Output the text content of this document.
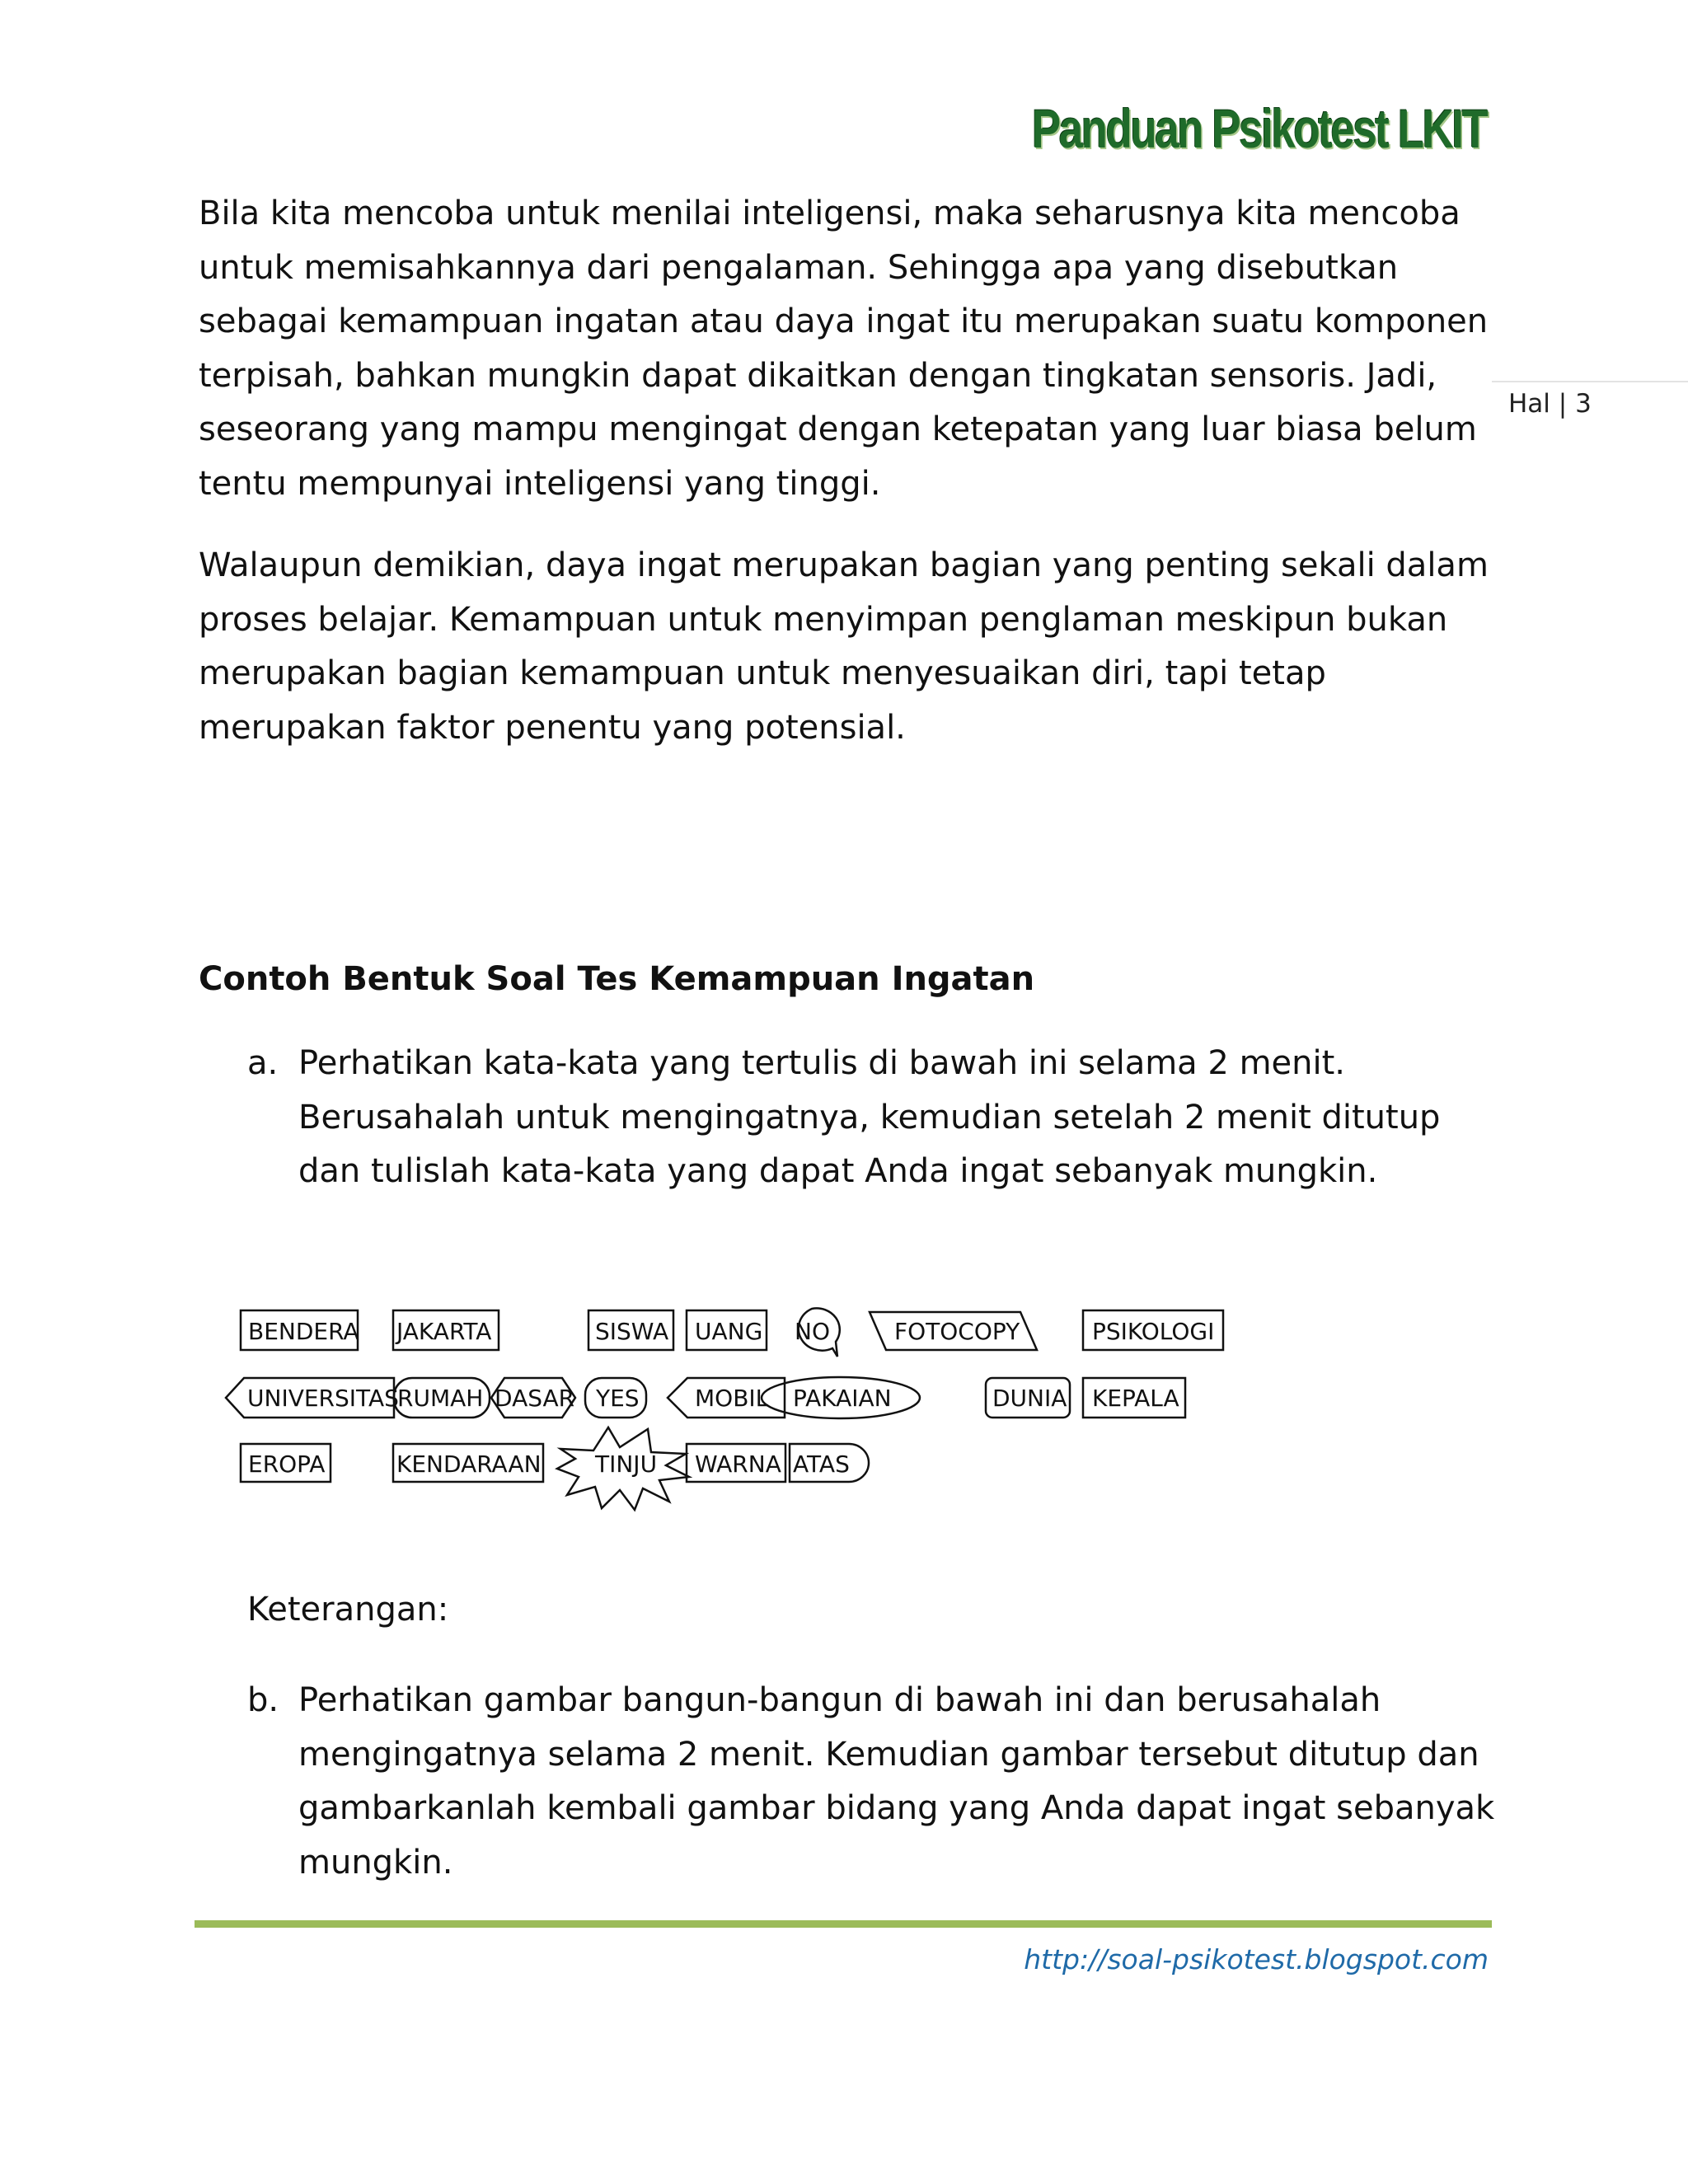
Panduan Psikotest LKIT
Hal | 3

Bila kita mencoba untuk menilai inteligensi, maka seharusnya kita mencoba untuk memisahkannya dari pengalaman. Sehingga apa yang disebutkan sebagai kemampuan ingatan atau daya ingat itu merupakan suatu komponen terpisah, bahkan mungkin dapat dikaitkan dengan tingkatan sensoris. Jadi, seseorang yang mampu mengingat dengan ketepatan yang luar biasa belum tentu mempunyai inteligensi yang tinggi.

Walaupun demikian, daya ingat merupakan bagian yang penting sekali dalam proses belajar. Kemampuan untuk menyimpan penglaman meskipun bukan merupakan bagian kemampuan untuk menyesuaikan diri, tapi tetap merupakan faktor penentu yang potensial.

Contoh Bentuk Soal Tes Kemampuan Ingatan
a. Perhatikan kata-kata yang tertulis di bawah ini selama 2 menit. Berusahalah untuk mengingatnya, kemudian setelah 2 menit ditutup dan tulislah kata-kata yang dapat Anda ingat sebanyak mungkin.
BENDERA JAKARTA	SISWA UANG NO	FOTOCOPY	PSIKOLOGI
UNIVERSITAS
RUMAH DASAR YES MOBIL PAKAIAN	DUNIA KEPALA
EROPA	KENDARAAN TINJU WARNA ATAS
Keterangan:
b. Perhatikan gambar bangun-bangun di bawah ini dan berusahalah mengingatnya selama 2 menit. Kemudian gambar tersebut ditutup dan gambarkanlah kembali gambar bidang yang Anda dapat ingat sebanyak mungkin.
http://soal-psikotest.blogspot.com
